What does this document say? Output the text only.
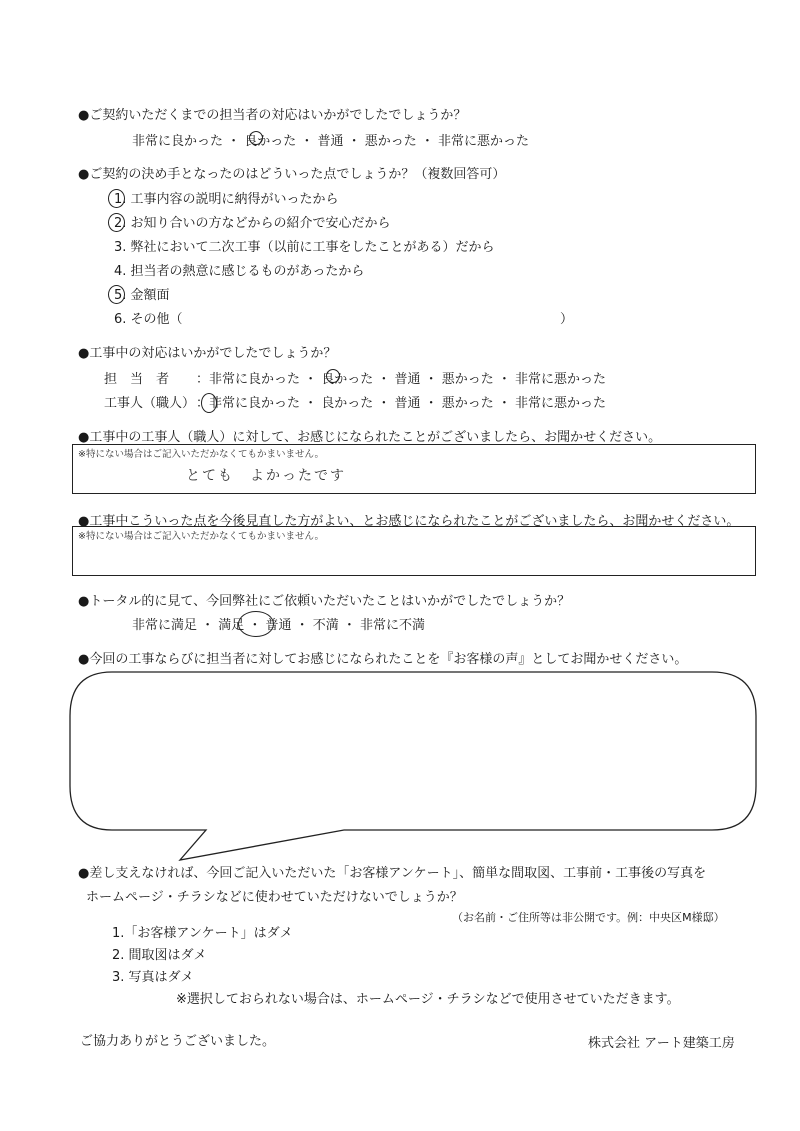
●ご契約いただくまでの担当者の対応はいかがでしたでしょうか？
非常に良かった ・ 良かった ・ 普通 ・ 悪かった ・ 非常に悪かった
●ご契約の決め手となったのはどういった点でしょうか？（複数回答可）
1. 工事内容の説明に納得がいったから
2. お知り合いの方などからの紹介で安心だから
3. 弊社において二次工事（以前に工事をしたことがある）だから
4. 担当者の熱意に感じるものがあったから
5. 金額面
6. その他（	）
●工事中の対応はいかがでしたでしょうか？
担　当　者 ：非常に良かった ・ 良かった ・ 普通 ・ 悪かった ・ 非常に悪かった
工事人（職人） ：非常に良かった ・ 良かった ・ 普通 ・ 悪かった ・ 非常に悪かった
●工事中の工事人（職人）に対して、お感じになられたことがございましたら、お聞かせください。
※特にない場合はご記入いただかなくてもかまいません。
とても　よかったです
●工事中こういった点を今後見直した方がよい、とお感じになられたことがございましたら、お聞かせください。
※特にない場合はご記入いただかなくてもかまいません。
●トータル的に見て、今回弊社にご依頼いただいたことはいかがでしたでしょうか？
非常に満足 ・ 満足 ・ 普通 ・ 不満 ・ 非常に不満
●今回の工事ならびに担当者に対してお感じになられたことを『お客様の声』としてお聞かせください。
●差し支えなければ、今回ご記入いただいた「お客様アンケート」、簡単な間取図、工事前・工事後の写真を
ホームページ・チラシなどに使わせていただけないでしょうか？
（お名前・ご住所等は非公開です。例：中央区M様邸）
1.「お客様アンケート」はダメ
2. 間取図はダメ
3. 写真はダメ
※選択しておられない場合は、ホームページ・チラシなどで使用させていただきます。
ご協力ありがとうございました。	株式会社 アート建築工房
